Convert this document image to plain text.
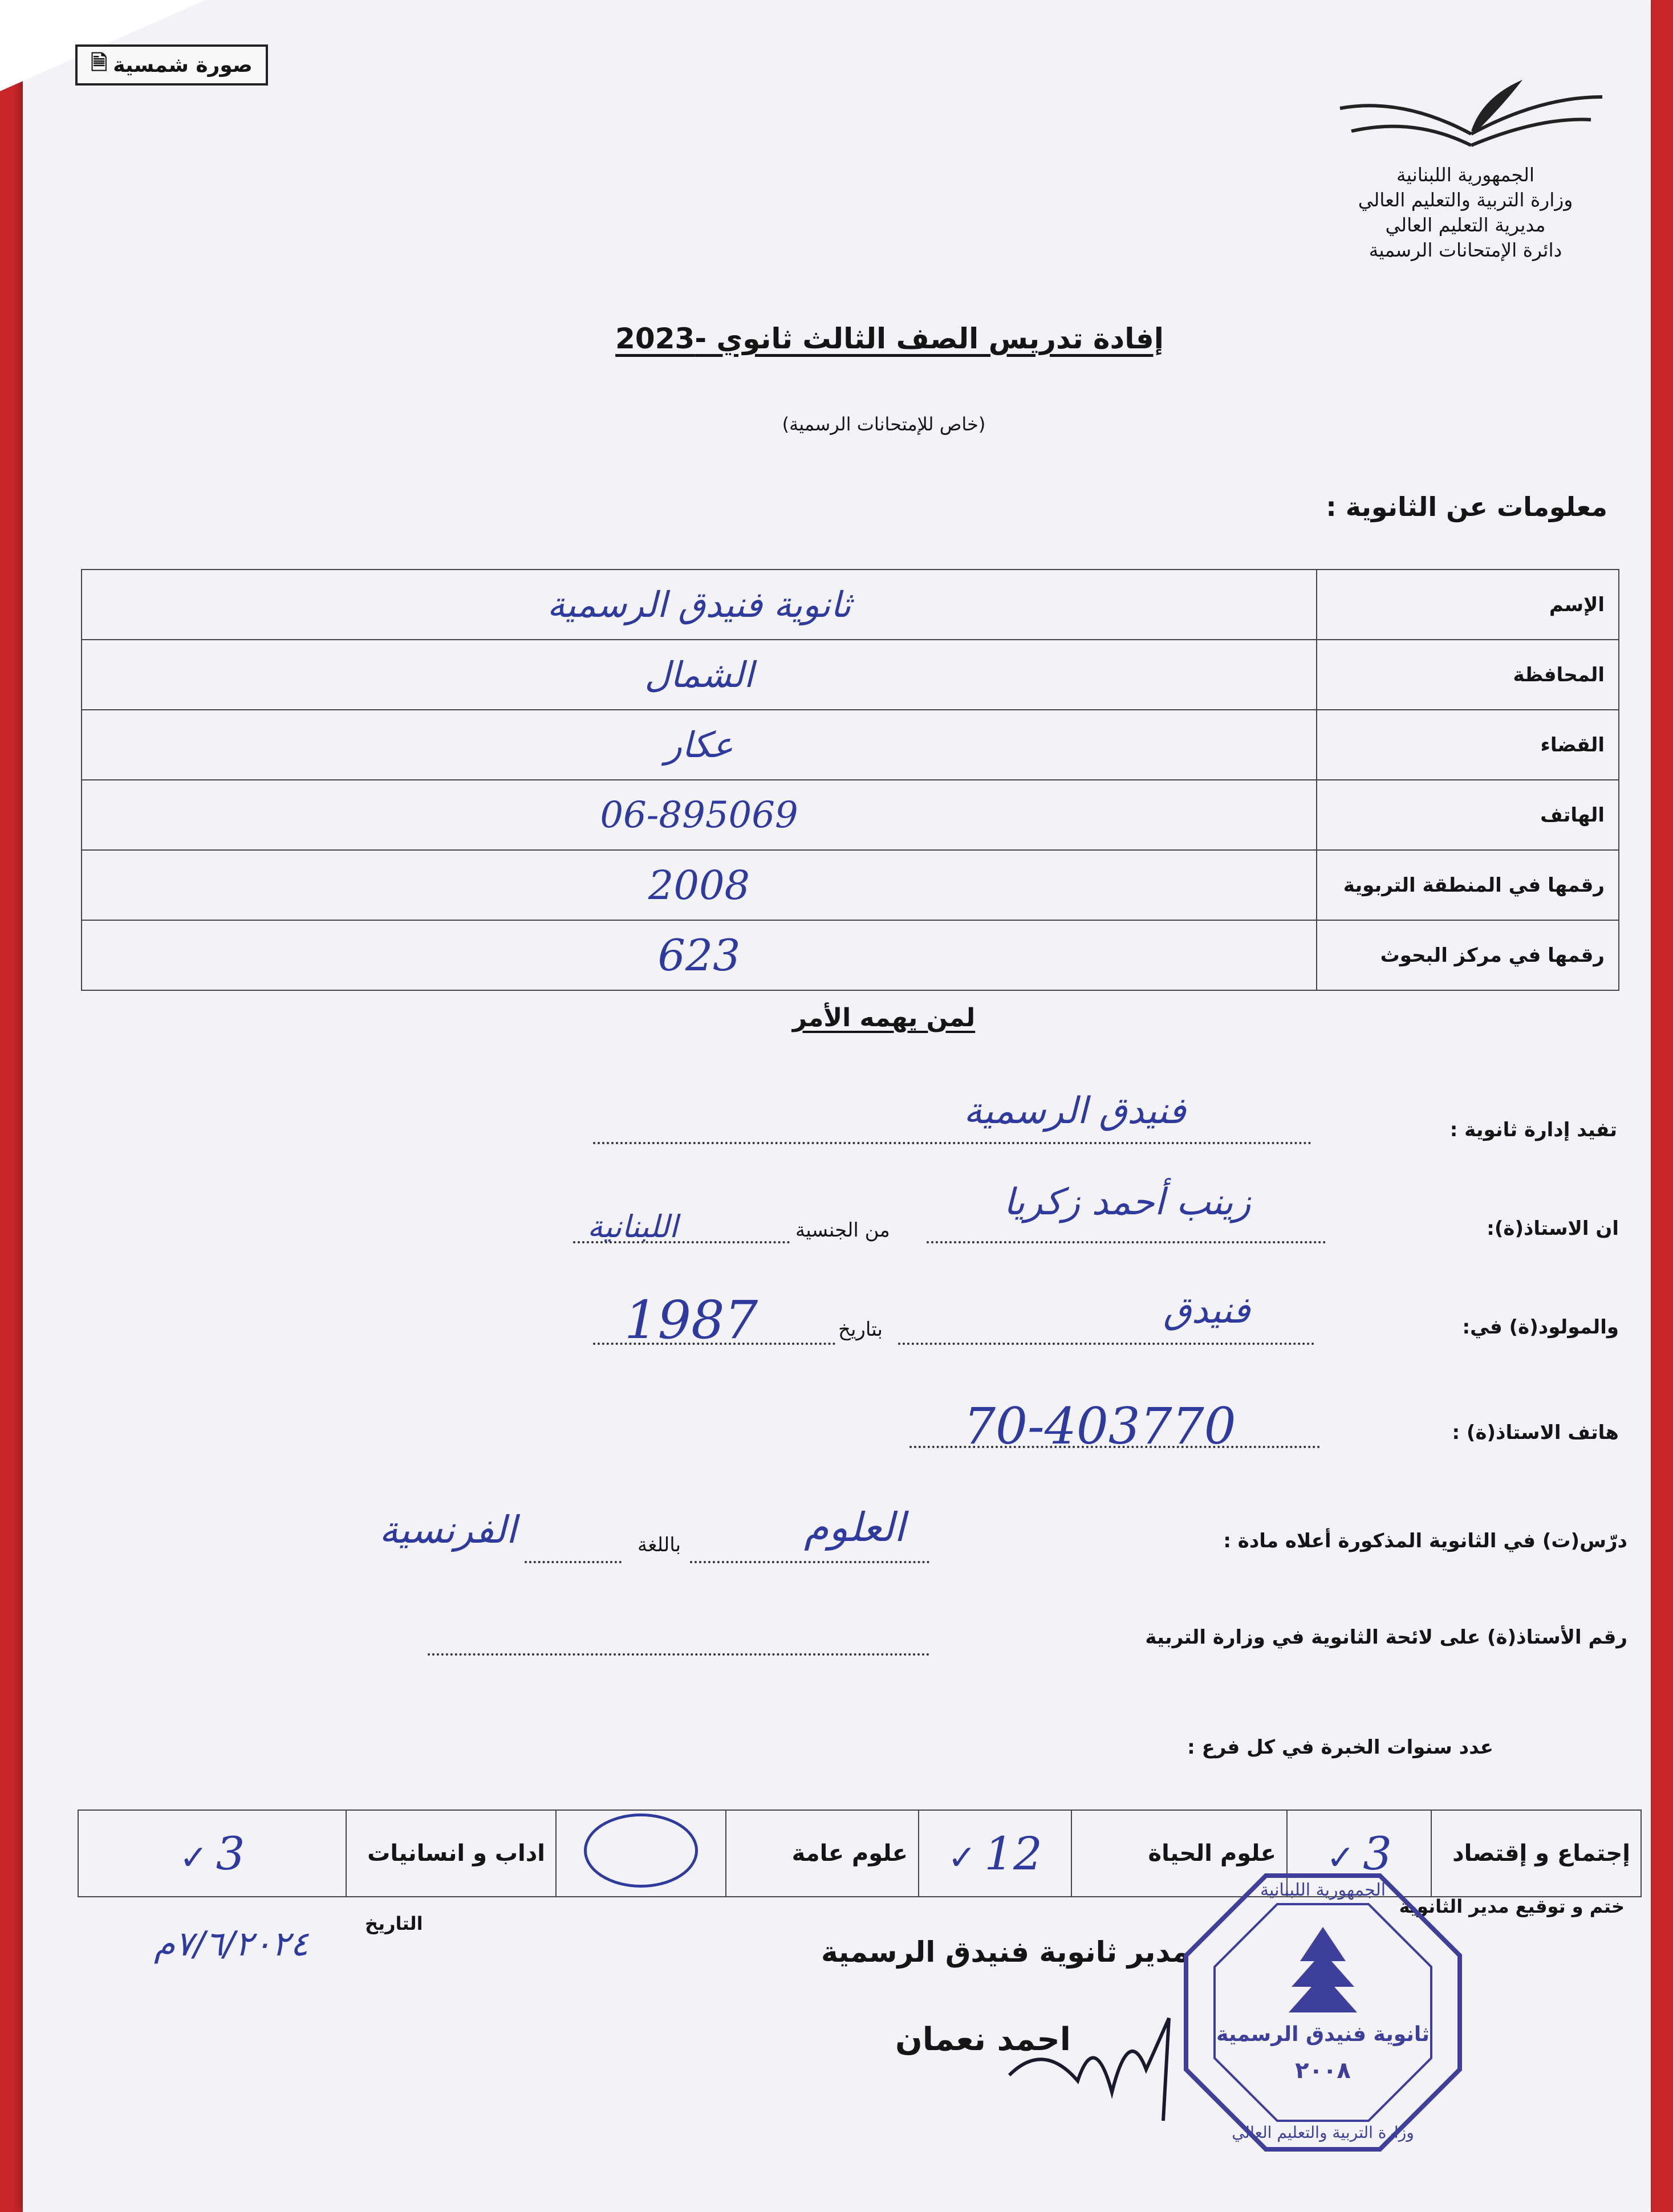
صورة شمسية
🗎
الجمهورية اللبنانية
وزارة التربية والتعليم العالي
مديرية التعليم العالي
دائرة الإمتحانات الرسمية
إفادة تدريس الصف الثالث ثانوي -2023
(خاص للإمتحانات الرسمية)
معلومات عن الثانوية :
الإسم	ثانوية فنيدق الرسمية
المحافظة	الشمال
القضاء	عكار
الهاتف	06-895069
رقمها في المنطقة التربوية	2008
رقمها في مركز البحوث	623
لمن يهمه الأمر
تفيد إدارة ثانوية :
فنيدق الرسمية
ان الاستاذ(ة):
زينب أحمد زكريا
من الجنسية
اللبنانية
والمولود(ة) في:
فنيدق
بتاريخ
1987
هاتف الاستاذ(ة) :
70-403770
درّس(ت) في الثانوية المذكورة أعلاه مادة :
العلوم
باللغة
الفرنسية
رقم الأستاذ(ة) على لائحة الثانوية في وزارة التربية
عدد سنوات الخبرة في كل فرع :
إجتماع و إقتصاد	3 ✓	علوم الحياة	12 ✓	علوم عامة		اداب و انسانيات	3 ✓
ختم و توقيع مدير الثانوية
التاريخ
٧/٦/٢٠٢٤م	مدير ثانوية فنيدق الرسمية
احمد نعمان
الجمهورية اللبنانية
ثانوية فنيدق الرسمية
٢٠٠٨
وزارة التربية والتعليم العالي
